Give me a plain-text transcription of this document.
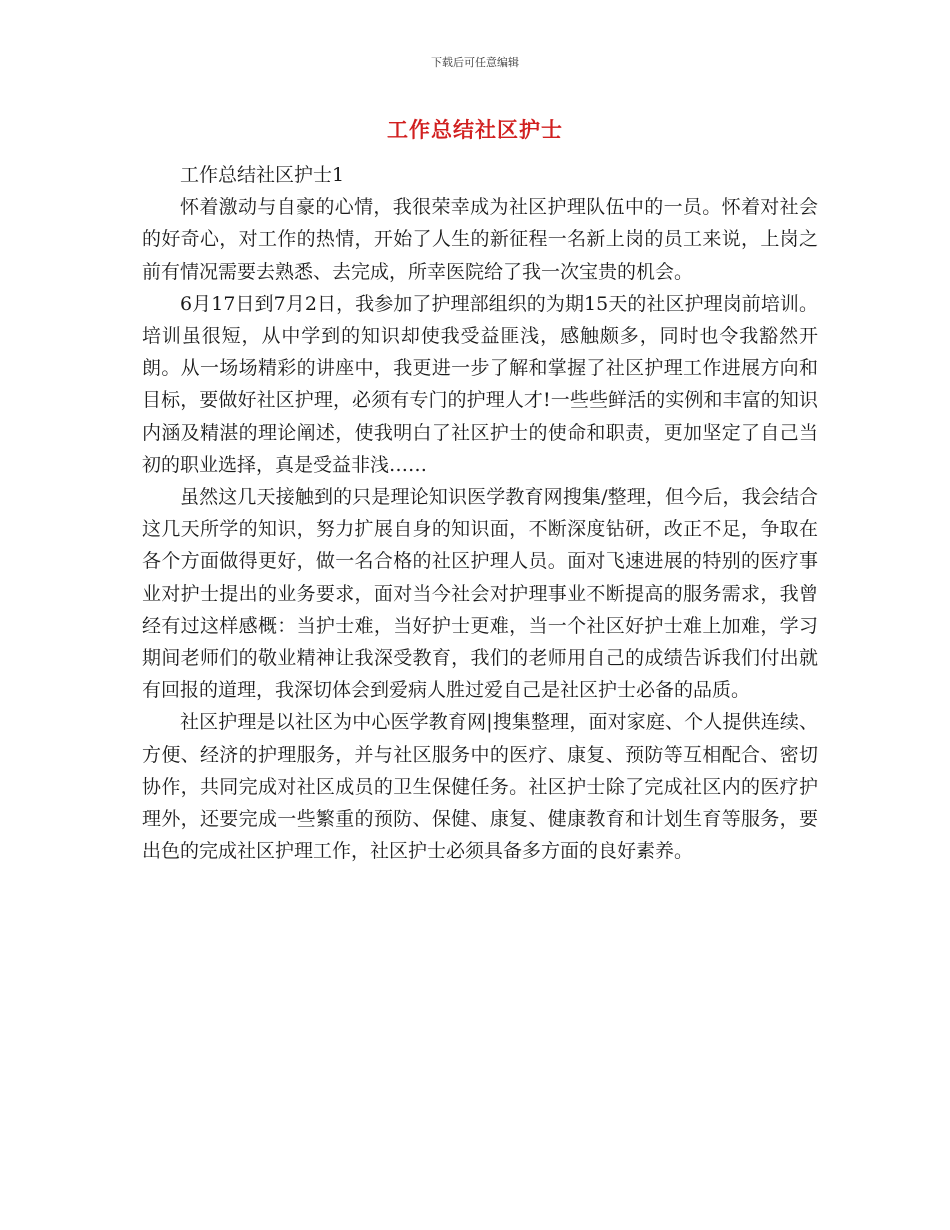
下载后可任意编辑
工作总结社区护士

工作总结社区护士1

怀着激动与自豪的心情，我很荣幸成为社区护理队伍中的一员。怀着对社会的好奇心，对工作的热情，开始了人生的新征程一名新上岗的员工来说，上岗之前有情况需要去熟悉、去完成，所幸医院给了我一次宝贵的机会。

6月17日到7月2日，我参加了护理部组织的为期15天的社区护理岗前培训。培训虽很短，从中学到的知识却使我受益匪浅，感触颇多，同时也令我豁然开朗。从一场场精彩的讲座中，我更进一步了解和掌握了社区护理工作进展方向和目标，要做好社区护理，必须有专门的护理人才!一些些鲜活的实例和丰富的知识内涵及精湛的理论阐述，使我明白了社区护士的使命和职责，更加坚定了自己当初的职业选择，真是受益非浅……

虽然这几天接触到的只是理论知识医学教育网搜集/整理，但今后，我会结合这几天所学的知识，努力扩展自身的知识面，不断深度钻研，改正不足，争取在各个方面做得更好，做一名合格的社区护理人员。面对飞速进展的特别的医疗事业对护士提出的业务要求，面对当今社会对护理事业不断提高的服务需求，我曾经有过这样感概：当护士难，当好护士更难，当一个社区好护士难上加难，学习期间老师们的敬业精神让我深受教育，我们的老师用自己的成绩告诉我们付出就有回报的道理，我深切体会到爱病人胜过爱自己是社区护士必备的品质。

社区护理是以社区为中心医学教育网|搜集整理，面对家庭、个人提供连续、方便、经济的护理服务，并与社区服务中的医疗、康复、预防等互相配合、密切协作，共同完成对社区成员的卫生保健任务。社区护士除了完成社区内的医疗护理外，还要完成一些繁重的预防、保健、康复、健康教育和计划生育等服务，要出色的完成社区护理工作，社区护士必须具备多方面的良好素养。
